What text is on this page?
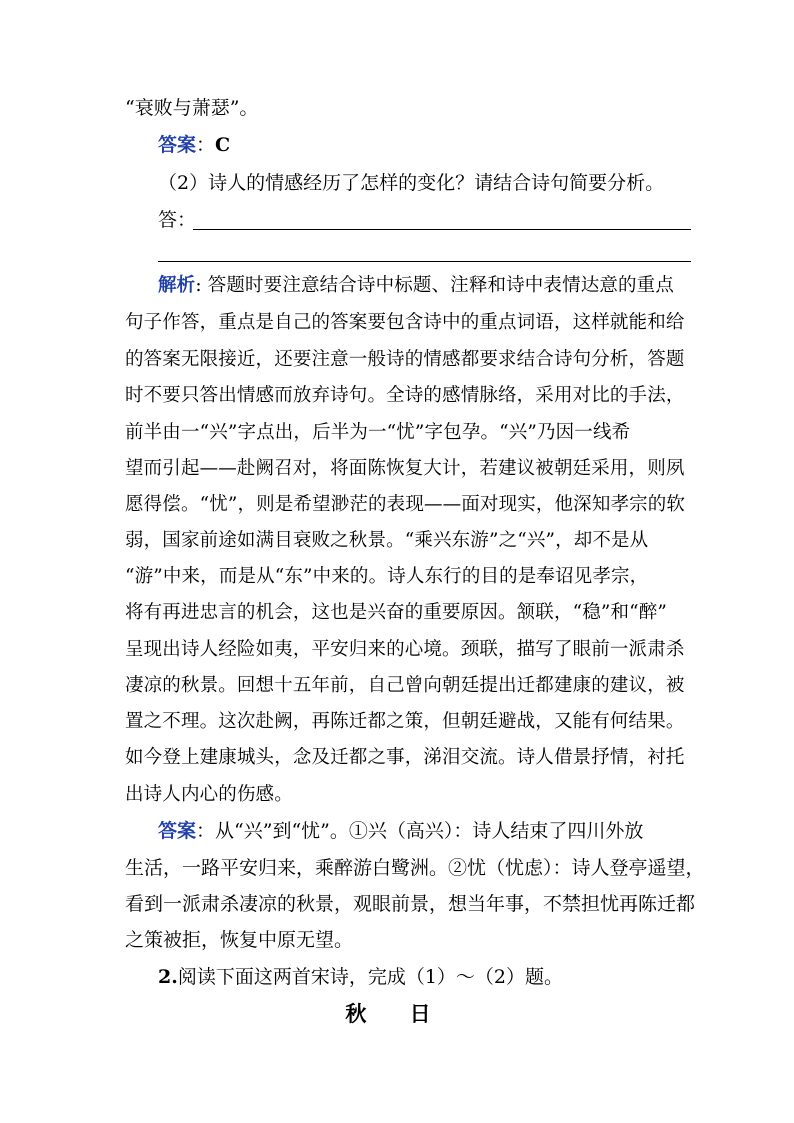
“衰败与萧瑟”。
答案：C
（2）诗人的情感经历了怎样的变化？请结合诗句简要分析。
答：
解析: 答题时要注意结合诗中标题、注释和诗中表情达意的重点
句子作答，重点是自己的答案要包含诗中的重点词语，这样就能和给
的答案无限接近，还要注意一般诗的情感都要求结合诗句分析，答题
时不要只答出情感而放弃诗句。全诗的感情脉络，采用对比的手法，
前半由一“兴”字点出，后半为一“忧”字包孕。“兴”乃因一线希
望而引起——赴阙召对，将面陈恢复大计，若建议被朝廷采用，则夙
愿得偿。“忧”，则是希望渺茫的表现——面对现实，他深知孝宗的软
弱，国家前途如满目衰败之秋景。“乘兴东游”之“兴”，却不是从
“游”中来，而是从“东”中来的。诗人东行的目的是奉诏见孝宗，
将有再进忠言的机会，这也是兴奋的重要原因。颔联，“稳”和“醉”
呈现出诗人经险如夷，平安归来的心境。颈联，描写了眼前一派肃杀
凄凉的秋景。回想十五年前，自己曾向朝廷提出迁都建康的建议，被
置之不理。这次赴阙，再陈迁都之策，但朝廷避战，又能有何结果。
如今登上建康城头，念及迁都之事，涕泪交流。诗人借景抒情，衬托
出诗人内心的伤感。
答案：从“兴”到“忧”。①兴（高兴）：诗人结束了四川外放
生活，一路平安归来，乘醉游白鹭洲。②忧（忧虑）：诗人登亭遥望，
看到一派肃杀凄凉的秋景，观眼前景，想当年事，不禁担忧再陈迁都
之策被拒，恢复中原无望。
2.阅读下面这两首宋诗，完成（1）～（2）题。
秋 日
